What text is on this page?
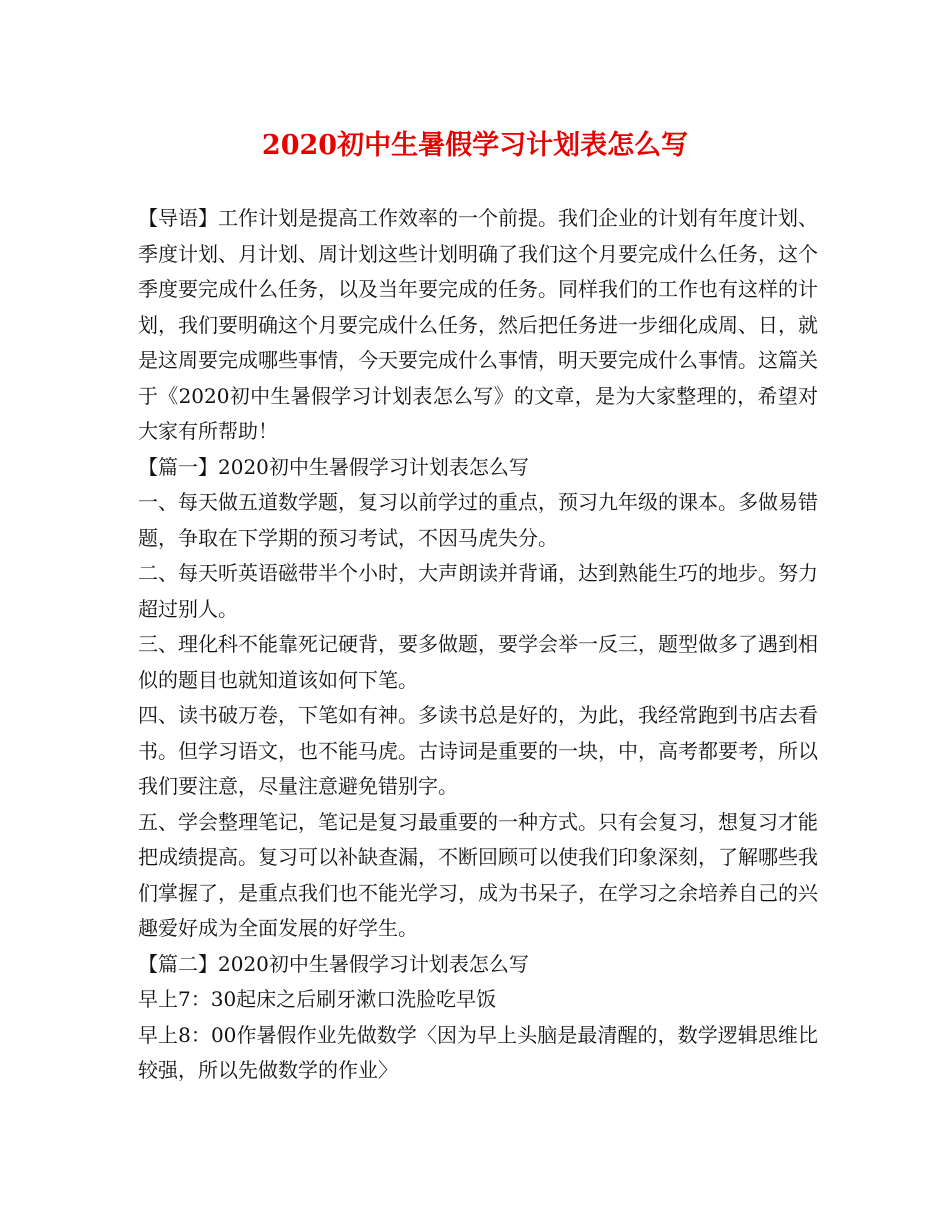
2020初中生暑假学习计划表怎么写

【导语】工作计划是提高工作效率的一个前提。我们企业的计划有年度计划、季度计划、月计划、周计划这些计划明确了我们这个月要完成什么任务，这个季度要完成什么任务，以及当年要完成的任务。同样我们的工作也有这样的计划，我们要明确这个月要完成什么任务，然后把任务进一步细化成周、日，就是这周要完成哪些事情，今天要完成什么事情，明天要完成什么事情。这篇关于《2020初中生暑假学习计划表怎么写》的文章，是为大家整理的，希望对大家有所帮助！

【篇一】2020初中生暑假学习计划表怎么写

一、每天做五道数学题，复习以前学过的重点，预习九年级的课本。多做易错题，争取在下学期的预习考试，不因马虎失分。

二、每天听英语磁带半个小时，大声朗读并背诵，达到熟能生巧的地步。努力超过别人。

三、理化科不能靠死记硬背，要多做题，要学会举一反三，题型做多了遇到相似的题目也就知道该如何下笔。

四、读书破万卷，下笔如有神。多读书总是好的，为此，我经常跑到书店去看书。但学习语文，也不能马虎。古诗词是重要的一块，中，高考都要考，所以我们要注意，尽量注意避免错别字。

五、学会整理笔记，笔记是复习最重要的一种方式。只有会复习，想复习才能把成绩提高。复习可以补缺查漏，不断回顾可以使我们印象深刻，了解哪些我们掌握了，是重点我们也不能光学习，成为书呆子，在学习之余培养自己的兴趣爱好成为全面发展的好学生。

【篇二】2020初中生暑假学习计划表怎么写

早上7：30起床之后刷牙漱口洗脸吃早饭

早上8：00作暑假作业先做数学〈因为早上头脑是最清醒的，数学逻辑思维比较强，所以先做数学的作业〉
